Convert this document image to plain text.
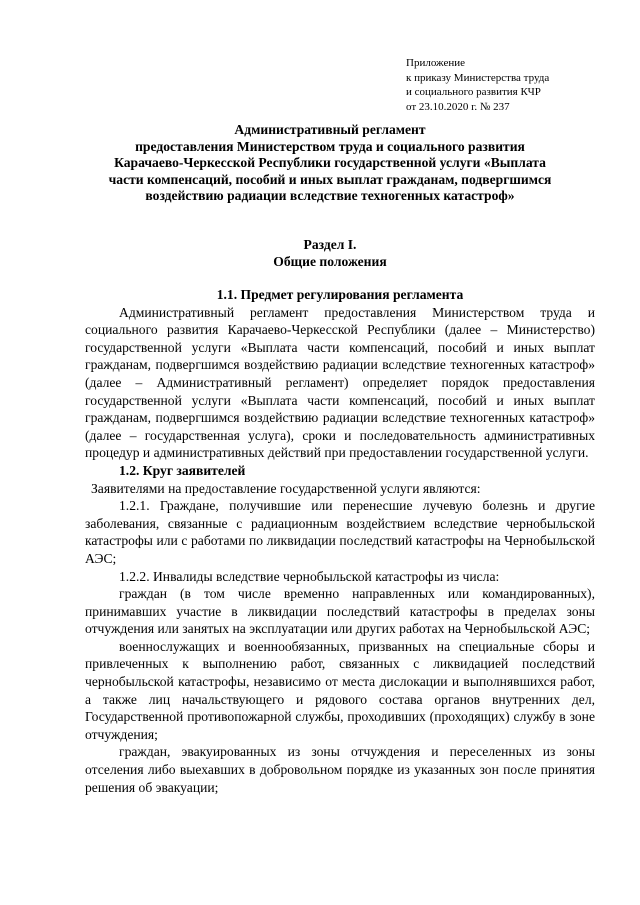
Приложение
к приказу Министерства труда
и социального развития КЧР
от 23.10.2020 г. № 237
Административный регламент
предоставления Министерством труда и социального развития
Карачаево-Черкесской Республики государственной услуги «Выплата
части компенсаций, пособий и иных выплат гражданам, подвергшимся
воздействию радиации вследствие техногенных катастроф»
Раздел I.
Общие положения

1.1. Предмет регулирования регламента

Административный регламент предоставления Министерством труда и социального развития Карачаево-Черкесской Республики (далее – Министерство) государственной услуги «Выплата части компенсаций, пособий и иных выплат гражданам, подвергшимся воздействию радиации вследствие техногенных катастроф» (далее – Административный регламент) определяет порядок предоставления государственной услуги «Выплата части компенсаций, пособий и иных выплат гражданам, подвергшимся воздействию радиации вследствие техногенных катастроф» (далее – государственная услуга), сроки и последовательность административных процедур и административных действий при предоставлении государственной услуги.

1.2. Круг заявителей

Заявителями на предоставление государственной услуги являются:

1.2.1. Граждане, получившие или перенесшие лучевую болезнь и другие заболевания, связанные с радиационным воздействием вследствие чернобыльской катастрофы или с работами по ликвидации последствий катастрофы на Чернобыльской АЭС;

1.2.2. Инвалиды вследствие чернобыльской катастрофы из числа:

граждан (в том числе временно направленных или командированных), принимавших участие в ликвидации последствий катастрофы в пределах зоны отчуждения или занятых на эксплуатации или других работах на Чернобыльской АЭС;

военнослужащих и военнообязанных, призванных на специальные сборы и привлеченных к выполнению работ, связанных с ликвидацией последствий чернобыльской катастрофы, независимо от места дислокации и выполнявшихся работ, а также лиц начальствующего и рядового состава органов внутренних дел, Государственной противопожарной службы, проходивших (проходящих) службу в зоне отчуждения;

граждан, эвакуированных из зоны отчуждения и переселенных из зоны отселения либо выехавших в добровольном порядке из указанных зон после принятия решения об эвакуации;
